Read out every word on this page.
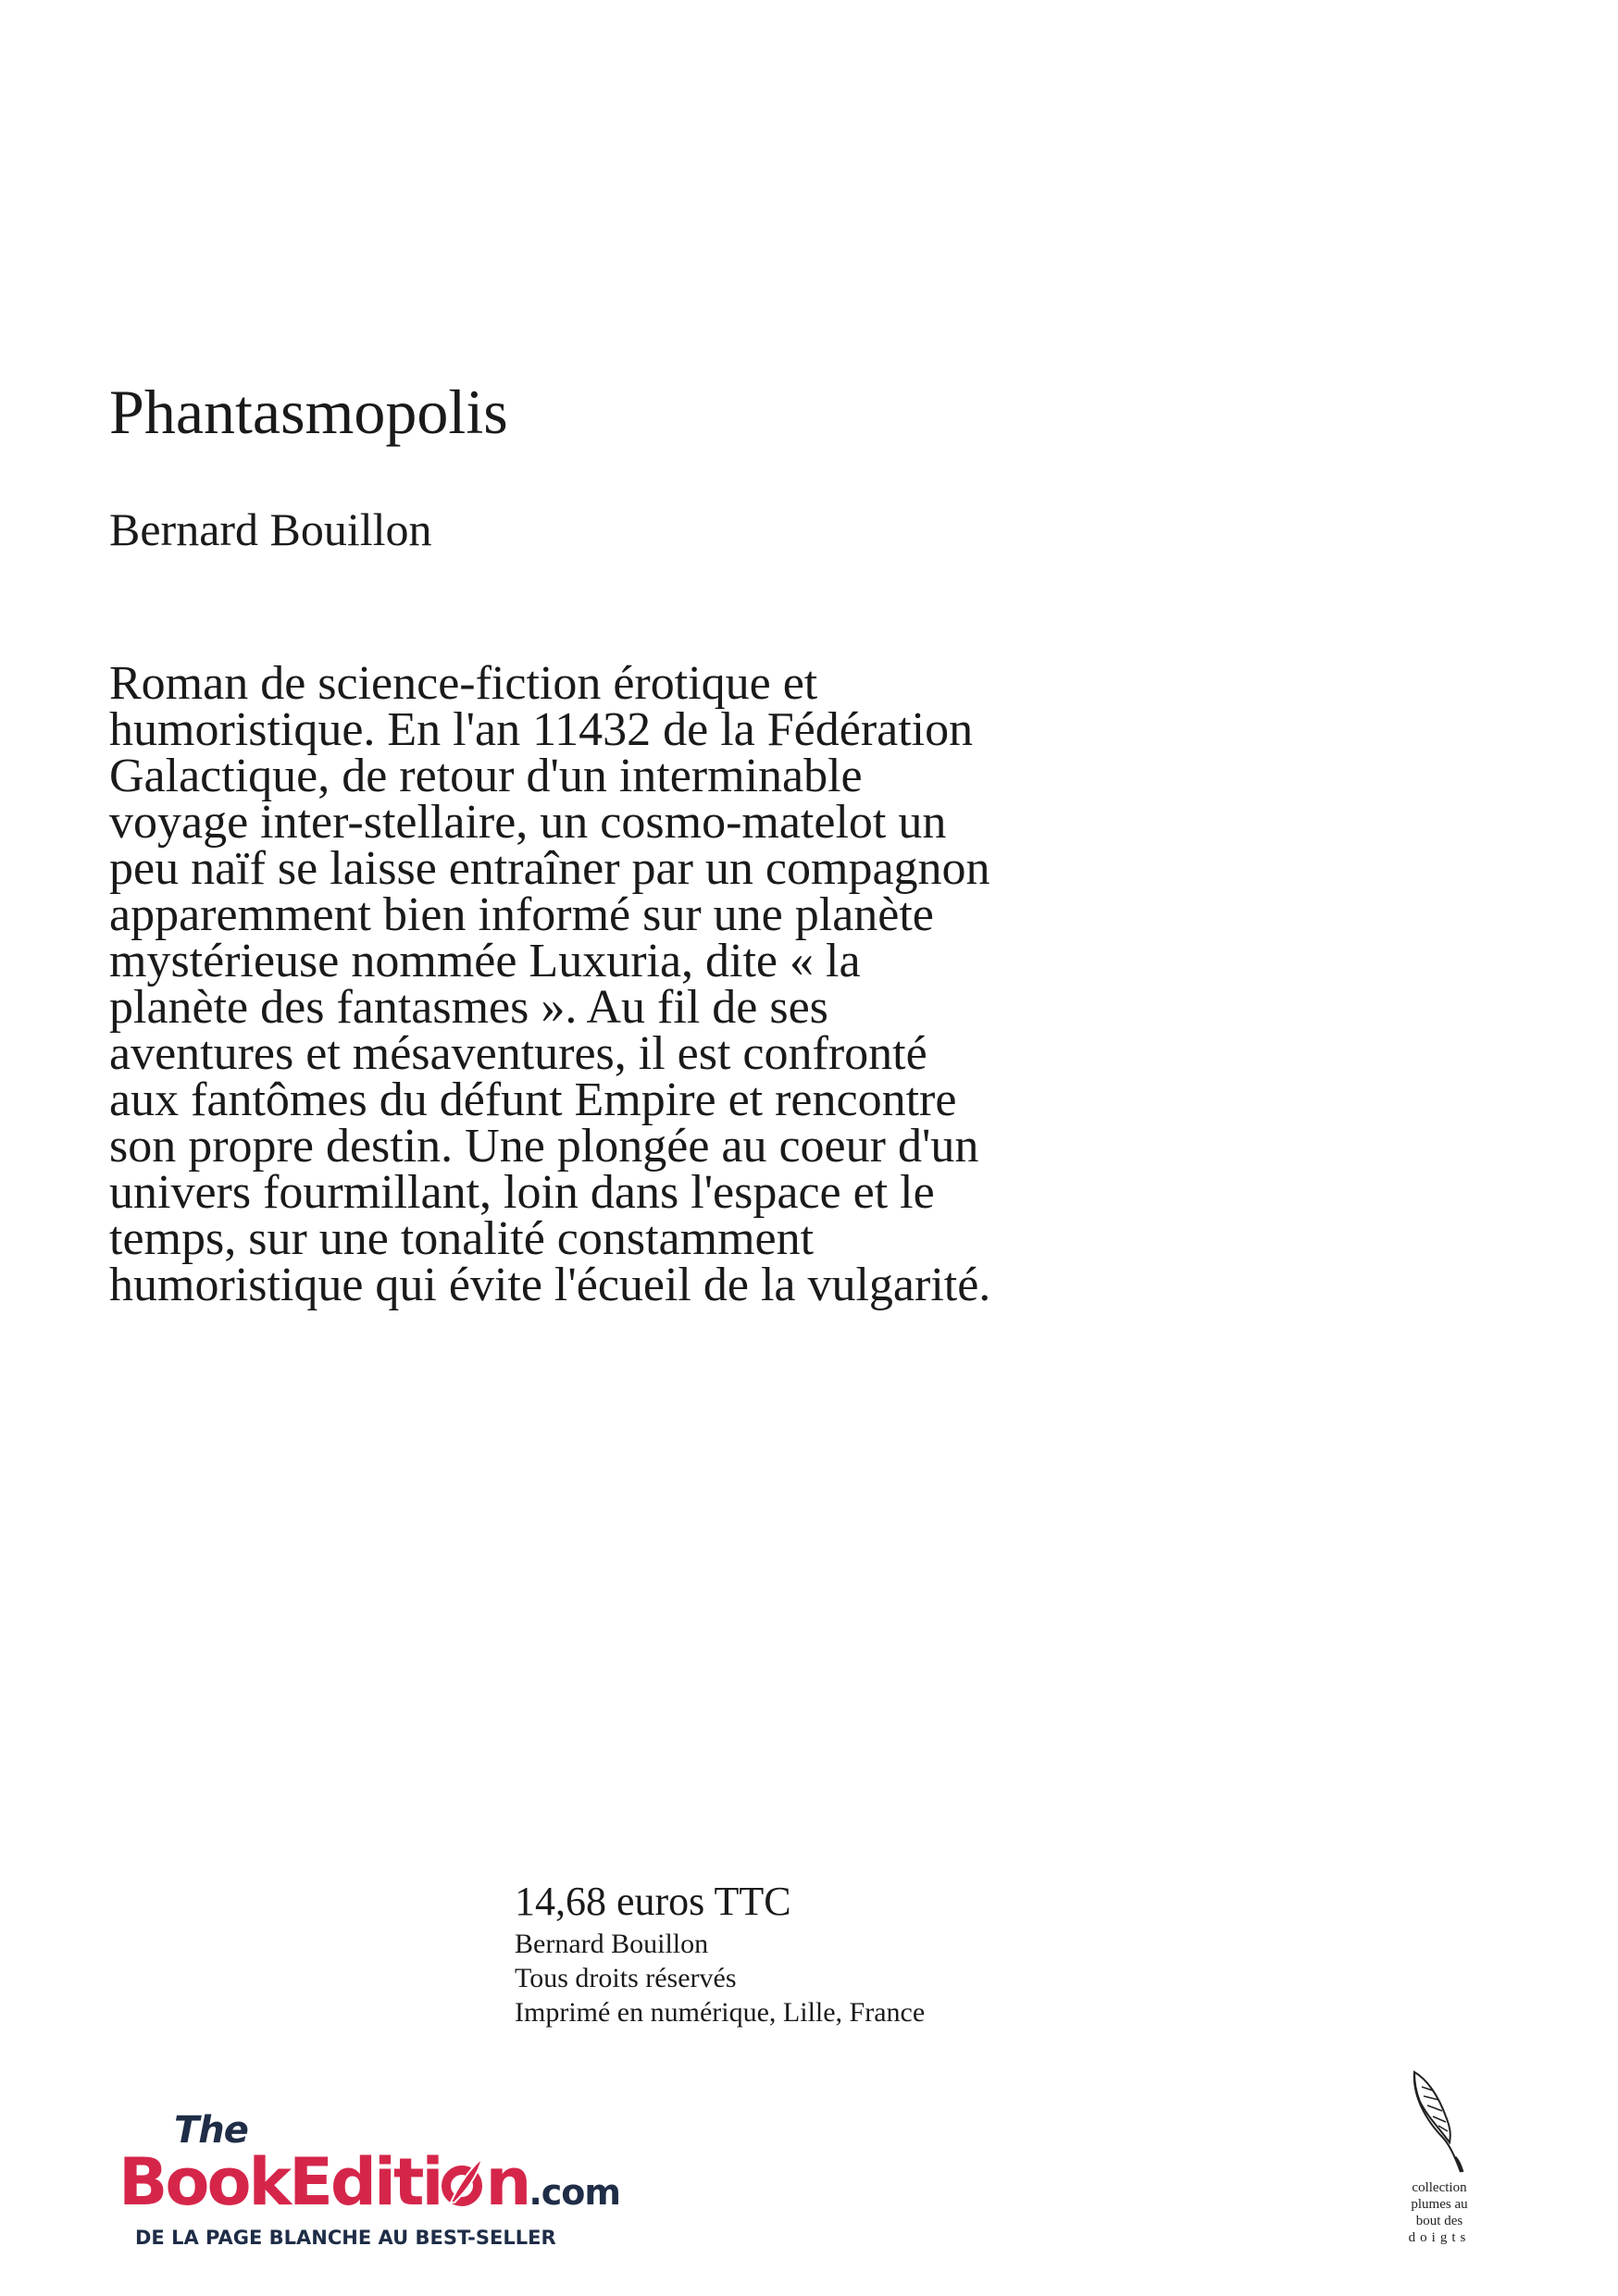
Phantasmopolis
Bernard Bouillon

Roman de science-fiction érotique et
humoristique. En l'an 11432 de la Fédération
Galactique, de retour d'un interminable
voyage inter-stellaire, un cosmo-matelot un
peu naïf se laisse entraîner par un compagnon
apparemment bien informé sur une planète
mystérieuse nommée Luxuria, dite « la
planète des fantasmes ». Au fil de ses
aventures et mésaventures, il est confronté
aux fantômes du défunt Empire et rencontre
son propre destin. Une plongée au coeur d'un
univers fourmillant, loin dans l'espace et le
temps, sur une tonalité constamment
humoristique qui évite l'écueil de la vulgarité.

14,68 euros TTC
Bernard Bouillon
Tous droits réservés
Imprimé en numérique, Lille, France
The
BookEditi n.com
DE LA PAGE BLANCHE AU BEST-SELLER
collection
plumes au
bout des
doigts
